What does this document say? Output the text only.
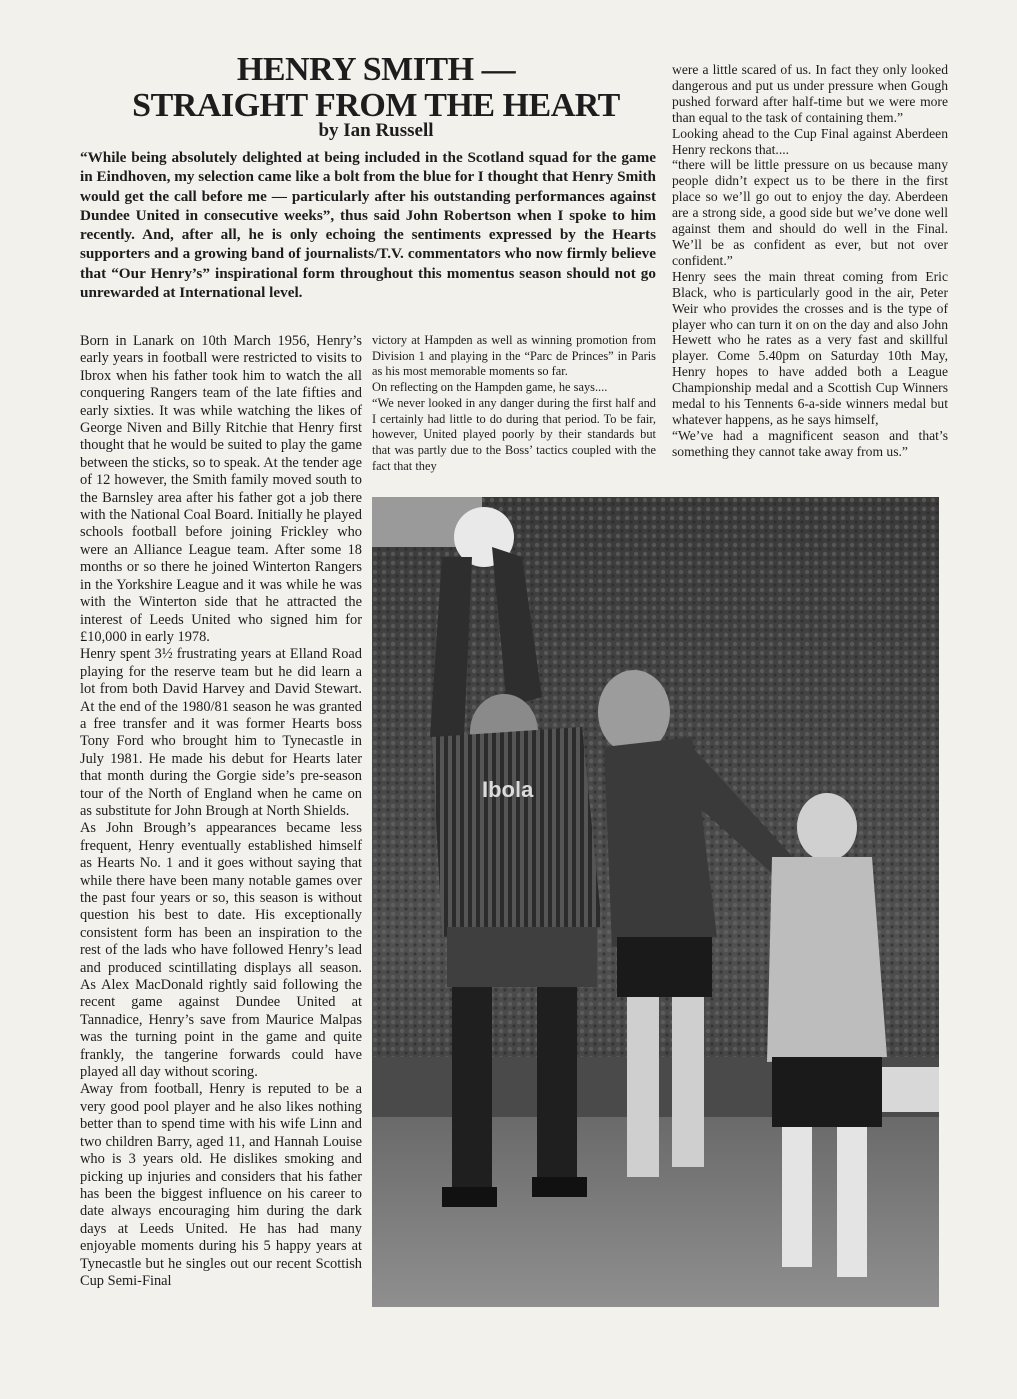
HENRY SMITH —
STRAIGHT FROM THE HEART
by Ian Russell
“While being absolutely delighted at being included in the Scotland squad for the game in Eindhoven, my selection came like a bolt from the blue for I thought that Henry Smith would get the call before me — particularly after his outstanding performances against Dundee United in consecutive weeks”, thus said John Robertson when I spoke to him recently. And, after all, he is only echoing the sentiments expressed by the Hearts supporters and a growing band of journalists/T.V. commentators who now firmly believe that “Our Henry’s” inspirational form throughout this momentus season should not go unrewarded at International level.

Born in Lanark on 10th March 1956, Henry’s early years in football were restricted to visits to Ibrox when his father took him to watch the all conquering Rangers team of the late fifties and early sixties. It was while watching the likes of George Niven and Billy Ritchie that Henry first thought that he would be suited to play the game between the sticks, so to speak. At the tender age of 12 however, the Smith family moved south to the Barnsley area after his father got a job there with the National Coal Board. Initially he played schools football before joining Frickley who were an Alliance League team. After some 18 months or so there he joined Winterton Rangers in the Yorkshire League and it was while he was with the Winterton side that he attracted the interest of Leeds United who signed him for £10,000 in early 1978.

Henry spent 3½ frustrating years at Elland Road playing for the reserve team but he did learn a lot from both David Harvey and David Stewart. At the end of the 1980/81 season he was granted a free transfer and it was former Hearts boss Tony Ford who brought him to Tynecastle in July 1981. He made his debut for Hearts later that month during the Gorgie side’s pre-season tour of the North of England when he came on as substitute for John Brough at North Shields.

As John Brough’s appearances became less frequent, Henry eventually established himself as Hearts No. 1 and it goes without saying that while there have been many notable games over the past four years or so, this season is without question his best to date. His exceptionally consistent form has been an inspiration to the rest of the lads who have followed Henry’s lead and produced scintillating displays all season. As Alex MacDonald rightly said following the recent game against Dundee United at Tannadice, Henry’s save from Maurice Malpas was the turning point in the game and quite frankly, the tangerine forwards could have played all day without scoring.

Away from football, Henry is reputed to be a very good pool player and he also likes nothing better than to spend time with his wife Linn and two children Barry, aged 11, and Hannah Louise who is 3 years old. He dislikes smoking and picking up injuries and considers that his father has been the biggest influence on his career to date always encouraging him during the dark days at Leeds United. He has had many enjoyable moments during his 5 happy years at Tynecastle but he singles out our recent Scottish Cup Semi-Final

victory at Hampden as well as winning promotion from Division 1 and playing in the “Parc de Princes” in Paris as his most memorable moments so far.

On reflecting on the Hampden game, he says....

“We never looked in any danger during the first half and I certainly had little to do during that period. To be fair, however, United played poorly by their standards but that was partly due to the Boss’ tactics coupled with the fact that they

were a little scared of us. In fact they only looked dangerous and put us under pressure when Gough pushed forward after half-time but we were more than equal to the task of containing them.”

Looking ahead to the Cup Final against Aberdeen Henry reckons that....

“there will be little pressure on us because many people didn’t expect us to be there in the first place so we’ll go out to enjoy the day. Aberdeen are a strong side, a good side but we’ve done well against them and should do well in the Final. We’ll be as confident as ever, but not over confident.”

Henry sees the main threat coming from Eric Black, who is particularly good in the air, Peter Weir who provides the crosses and is the type of player who can turn it on on the day and also John Hewett who he rates as a very fast and skillful player. Come 5.40pm on Saturday 10th May, Henry hopes to have added both a League Championship medal and a Scottish Cup Winners medal to his Tennents 6-a-side winners medal but whatever happens, as he says himself,

“We’ve had a magnificent season and that’s something they cannot take away from us.”

Ibola
